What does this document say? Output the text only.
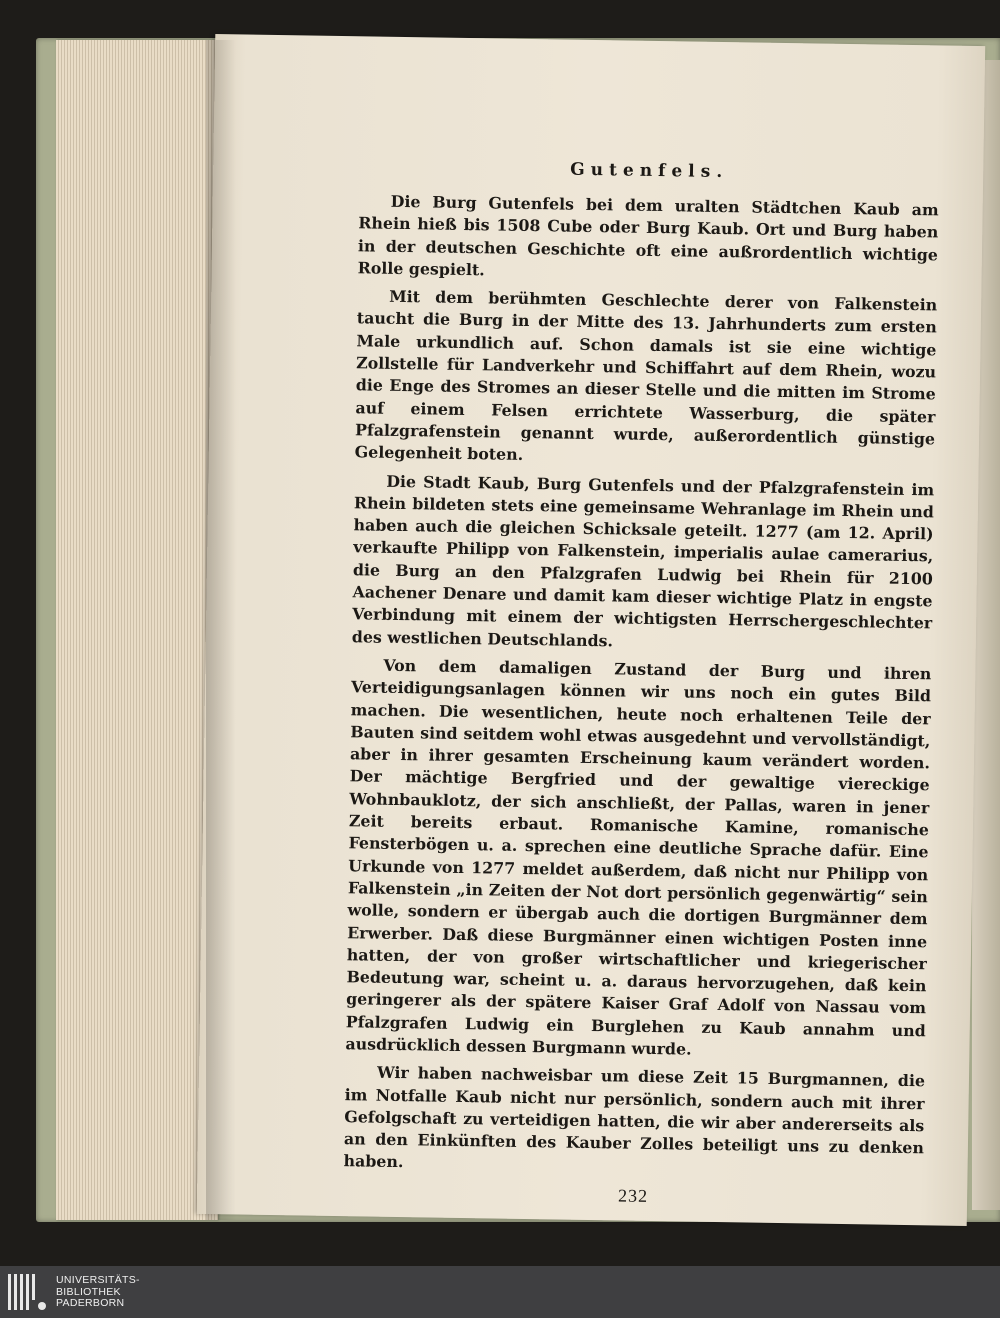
Gutenfels.

Die Burg Gutenfels bei dem uralten Städtchen Kaub am Rhein hieß bis 1508 Cube oder Burg Kaub. Ort und Burg haben in der deutschen Geschichte oft eine außrordentlich wichtige Rolle gespielt.

Mit dem berühmten Geschlechte derer von Falkenstein taucht die Burg in der Mitte des 13. Jahrhunderts zum ersten Male urkundlich auf. Schon damals ist sie eine wichtige Zollstelle für Landverkehr und Schiffahrt auf dem Rhein, wozu die Enge des Stromes an dieser Stelle und die mitten im Strome auf einem Felsen errichtete Wasserburg, die später Pfalzgrafenstein genannt wurde, außerordentlich günstige Gelegenheit boten.

Die Stadt Kaub, Burg Gutenfels und der Pfalzgrafenstein im Rhein bildeten stets eine gemeinsame Wehranlage im Rhein und haben auch die gleichen Schicksale geteilt. 1277 (am 12. April) verkaufte Philipp von Falkenstein, imperialis aulae camerarius, die Burg an den Pfalzgrafen Ludwig bei Rhein für 2100 Aachener Denare und damit kam dieser wichtige Platz in engste Verbindung mit einem der wichtigsten Herrschergeschlechter des westlichen Deutschlands.

Von dem damaligen Zustand der Burg und ihren Verteidigungsanlagen können wir uns noch ein gutes Bild machen. Die wesentlichen, heute noch erhaltenen Teile der Bauten sind seitdem wohl etwas ausgedehnt und vervollständigt, aber in ihrer gesamten Erscheinung kaum verändert worden. Der mächtige Bergfried und der gewaltige viereckige Wohnbauklotz, der sich anschließt, der Pallas, waren in jener Zeit bereits erbaut. Romanische Kamine, romanische Fensterbögen u. a. sprechen eine deutliche Sprache dafür. Eine Urkunde von 1277 meldet außerdem, daß nicht nur Philipp von Falkenstein „in Zeiten der Not dort persönlich gegenwärtig“ sein wolle, sondern er übergab auch die dortigen Burgmänner dem Erwerber. Daß diese Burgmänner einen wichtigen Posten inne hatten, der von großer wirtschaftlicher und kriegerischer Bedeutung war, scheint u. a. daraus hervorzugehen, daß kein geringerer als der spätere Kaiser Graf Adolf von Nassau vom Pfalzgrafen Ludwig ein Burglehen zu Kaub annahm und ausdrücklich dessen Burgmann wurde.

Wir haben nachweisbar um diese Zeit 15 Burgmannen, die im Notfalle Kaub nicht nur persönlich, sondern auch mit ihrer Gefolgschaft zu verteidigen hatten, die wir aber andererseits als an den Einkünften des Kauber Zolles beteiligt uns zu denken haben.

232
UNIVERSITÄTS-
BIBLIOTHEK
PADERBORN
